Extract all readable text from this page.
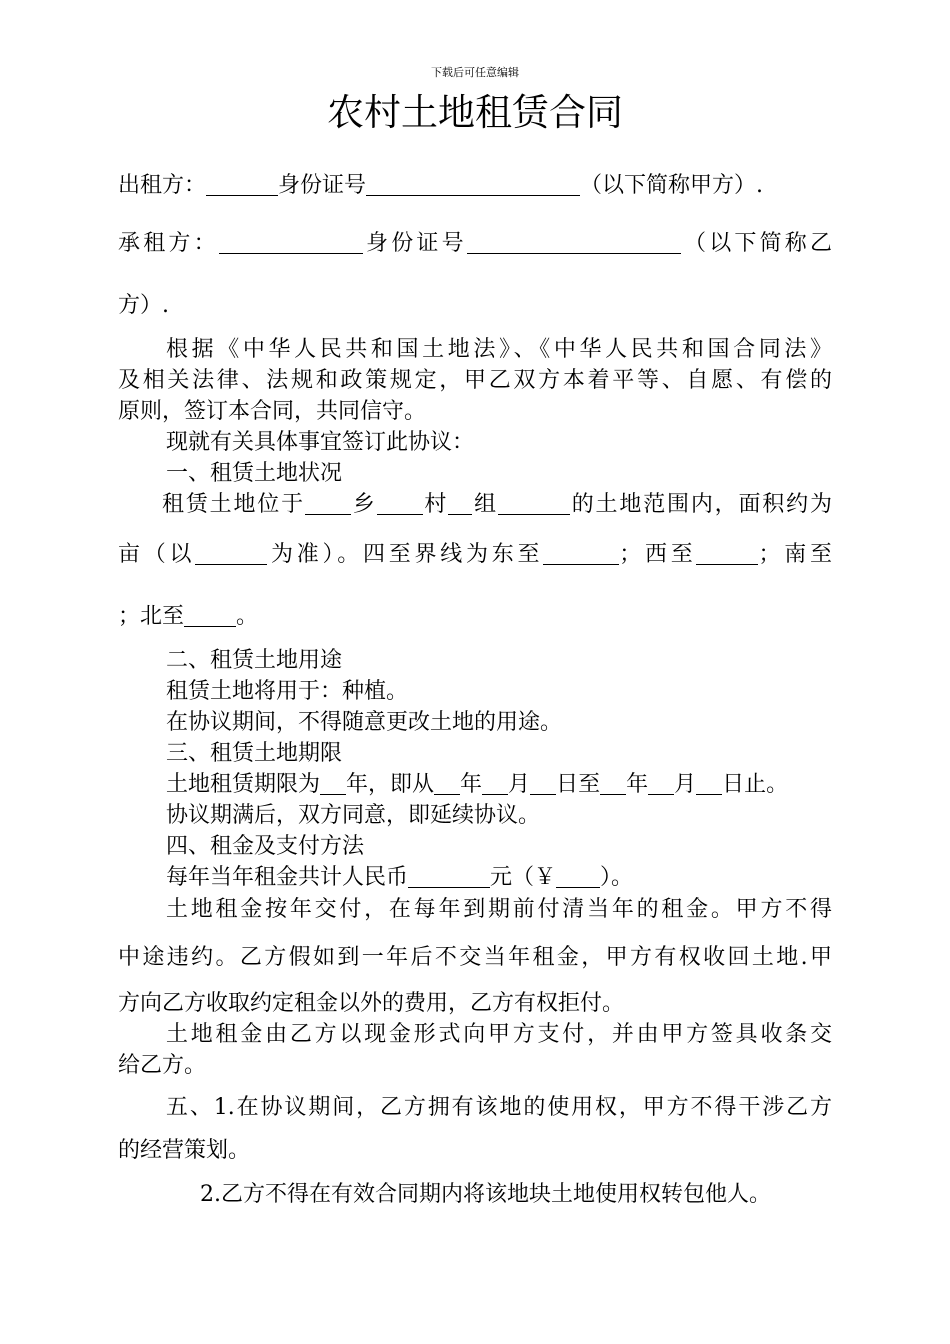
下载后可任意编辑
农村土地租赁合同
出租方：	身份证号	（以下简称甲方）.
承租方：	身份证号	（以下简称乙
方）.
根据《中华人民共和国土地法》、《中华人民共和国合同法》
及相关法律、法规和政策规定，甲乙双方本着平等、自愿、有偿的
原则，签订本合同，共同信守。
现就有关具体事宜签订此协议：
一、租赁土地状况
租赁土地位于 乡 村 组	的土地范围内，面积约为
亩（以	为准）。四至界线为东至	；西至	；南至
；北至 。
二、租赁土地用途
租赁土地将用于：种植。
在协议期间，不得随意更改土地的用途。
三、租赁土地期限
土地租赁期限为 年，即从 年 月 日至 年 月 日止。
协议期满后，双方同意，即延续协议。
四、租金及支付方法
每年当年租金共计人民币	元（￥ ）。
土地租金按年交付，在每年到期前付清当年的租金。甲方不得
中途违约。乙方假如到一年后不交当年租金，甲方有权收回土地.甲
方向乙方收取约定租金以外的费用，乙方有权拒付。
土地租金由乙方以现金形式向甲方支付，并由甲方签具收条交
给乙方。
五、1.在协议期间，乙方拥有该地的使用权，甲方不得干涉乙方
的经营策划。
2.乙方不得在有效合同期内将该地块土地使用权转包他人。
